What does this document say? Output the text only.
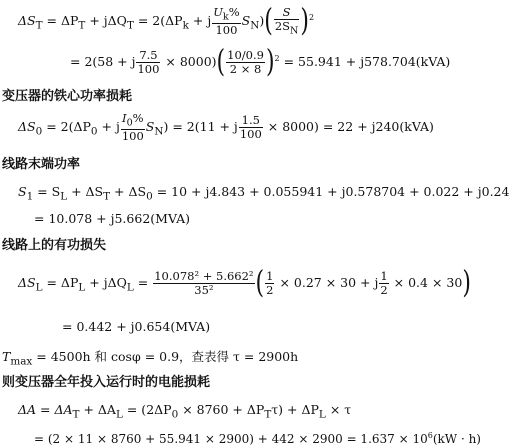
$\Delta S_T = \Delta P_T + j\Delta Q_T = 2(\Delta P_k + j \frac{U_k\%}{100} S_N)( \frac{S}{2S_N} )^2$
= 2(58 + j $\frac{7.5}{100} \times 8000)( \frac{10/0.9}{2 \times 8} )^2 = 55.941 + j578.704(kVA)$
变压器的铁心功率损耗
$\Delta S_0 = 2(\Delta P_0 + j \frac{I_0\%}{100} S_N) = 2(11 + j \frac{1.5}{100} \times 8000) = 22 + j240(kVA)$
线路末端功率
$S_1 = S_L + \Delta S_T + \Delta S_0 = 10 + j4.843 + 0.055941 + j0.578704 + 0.022 + j0.24$
= 10.078 + j5.662(MVA)
线路上的有功损失
$\Delta S_L = \Delta P_L + j\Delta Q_L = \frac{\text{10.078² + 5.662²}}{\text{35²}}$ ( $\frac{1}{2} \times 0.27 \times 30 + j \frac{1}{2} \times 0.4 \times 30$)
= 0.442 + j0.654(MVA)
$T_{max} = 4500h$ 和 cosφ = 0.9，查表得 τ = 2900h
则变压器全年投入运行时的电能损耗
$\Delta A = \Delta A_T + \Delta A_L = (2\Delta P_0 \times 8760 + \Delta P_T\tau) + \Delta P_L \times \tau$
= $(2 \times 11 \times 8760 + 55.941 \times 2900) + 442 \times 2900 = 1.637 \times 10^6(kW \cdot h)$
